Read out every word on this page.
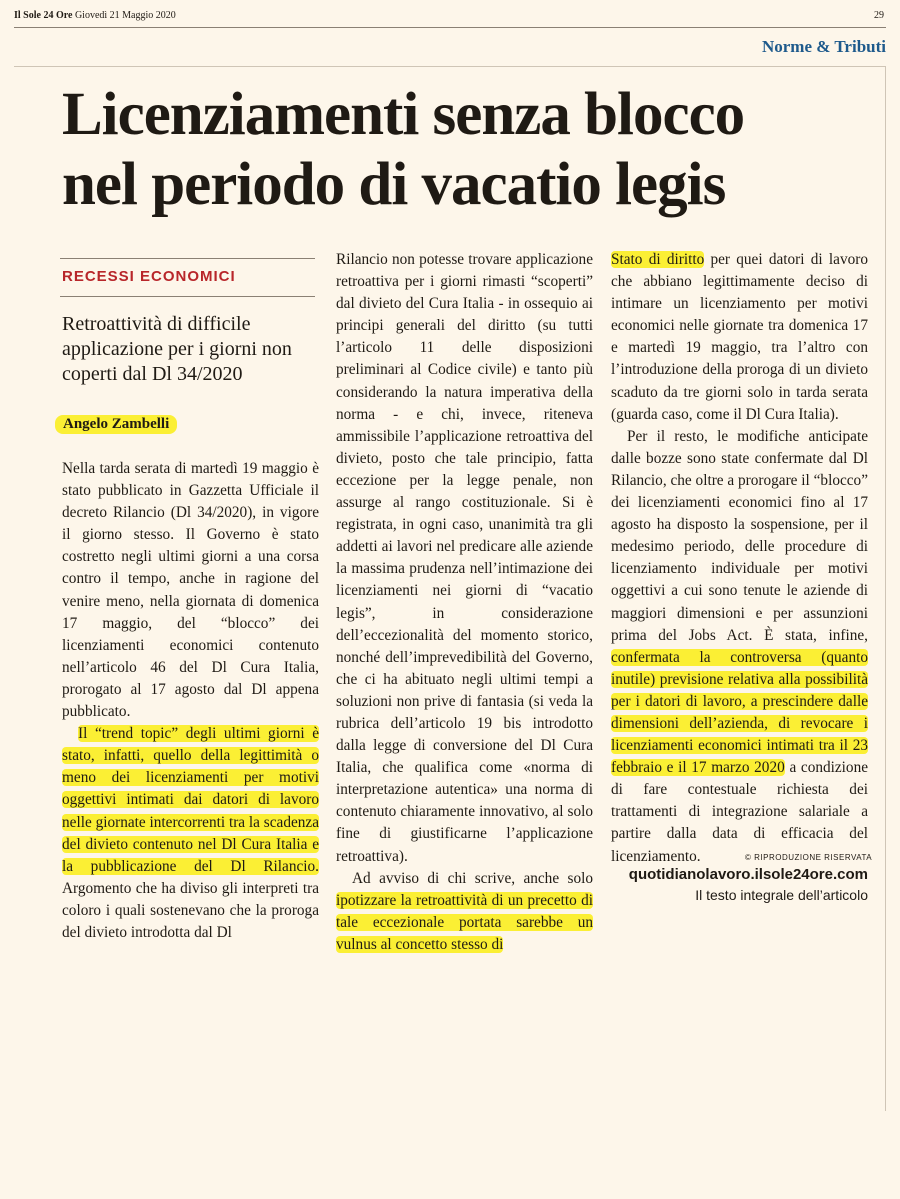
Il Sole 24 Ore Giovedì 21 Maggio 2020	29
Norme & Tributi
Licenziamenti senza blocco
nel periodo di vacatio legis
RECESSI ECONOMICI
Retroattività di difficile applicazione per i giorni non coperti dal Dl 34/2020
Angelo Zambelli

Nella tarda serata di martedì 19 maggio è stato pubblicato in Gazzetta Ufficiale il decreto Rilancio (Dl 34/2020), in vigore il giorno stesso. Il Governo è stato costretto negli ultimi giorni a una corsa contro il tempo, anche in ragione del venire meno, nella giornata di domenica 17 maggio, del “blocco” dei licenziamenti economici contenuto nell’articolo 46 del Dl Cura Italia, prorogato al 17 agosto dal Dl appena pubblicato.

Il “trend topic” degli ultimi giorni è stato, infatti, quello della legittimità o meno dei licenziamenti per motivi oggettivi intimati dai datori di lavoro nelle giornate intercorrenti tra la scadenza del divieto contenuto nel Dl Cura Italia e la pubblicazione del Dl Rilancio. Argomento che ha diviso gli interpreti tra coloro i quali sostenevano che la proroga del divieto introdotta dal Dl

Rilancio non potesse trovare applicazione retroattiva per i giorni rimasti “scoperti” dal divieto del Cura Italia - in ossequio ai principi generali del diritto (su tutti l’articolo 11 delle disposizioni preliminari al Codice civile) e tanto più considerando la natura imperativa della norma - e chi, invece, riteneva ammissibile l’applicazione retroattiva del divieto, posto che tale principio, fatta eccezione per la legge penale, non assurge al rango costituzionale. Si è registrata, in ogni caso, unanimità tra gli addetti ai lavori nel predicare alle aziende la massima prudenza nell’intimazione dei licenziamenti nei giorni di “vacatio legis”, in considerazione dell’eccezionalità del momento storico, nonché dell’imprevedibilità del Governo, che ci ha abituato negli ultimi tempi a soluzioni non prive di fantasia (si veda la rubrica dell’articolo 19 bis introdotto dalla legge di conversione del Dl Cura Italia, che qualifica come «norma di interpretazione autentica» una norma di contenuto chiaramente innovativo, al solo fine di giustificarne l’applicazione retroattiva).

Ad avviso di chi scrive, anche solo ipotizzare la retroattività di un precetto di tale eccezionale portata sarebbe un vulnus al concetto stesso di

Stato di diritto per quei datori di lavoro che abbiano legittimamente deciso di intimare un licenziamento per motivi economici nelle giornate tra domenica 17 e martedì 19 maggio, tra l’altro con l’introduzione della proroga di un divieto scaduto da tre giorni solo in tarda serata (guarda caso, come il Dl Cura Italia).

Per il resto, le modifiche anticipate dalle bozze sono state confermate dal Dl Rilancio, che oltre a prorogare il “blocco” dei licenziamenti economici fino al 17 agosto ha disposto la sospensione, per il medesimo periodo, delle procedure di licenziamento individuale per motivi oggettivi a cui sono tenute le aziende di maggiori dimensioni e per assunzioni prima del Jobs Act. È stata, infine, confermata la controversa (quanto inutile) previsione relativa alla possibilità per i datori di lavoro, a prescindere dalle dimensioni dell’azienda, di revocare i licenziamenti economici intimati tra il 23 febbraio e il 17 marzo 2020 a condizione di fare contestuale richiesta dei trattamenti di integrazione salariale a partire dalla data di efficacia del licenziamento.	© RIPRODUZIONE RISERVATA
quotidianolavoro.ilsole24ore.com
Il testo integrale dell’articolo
